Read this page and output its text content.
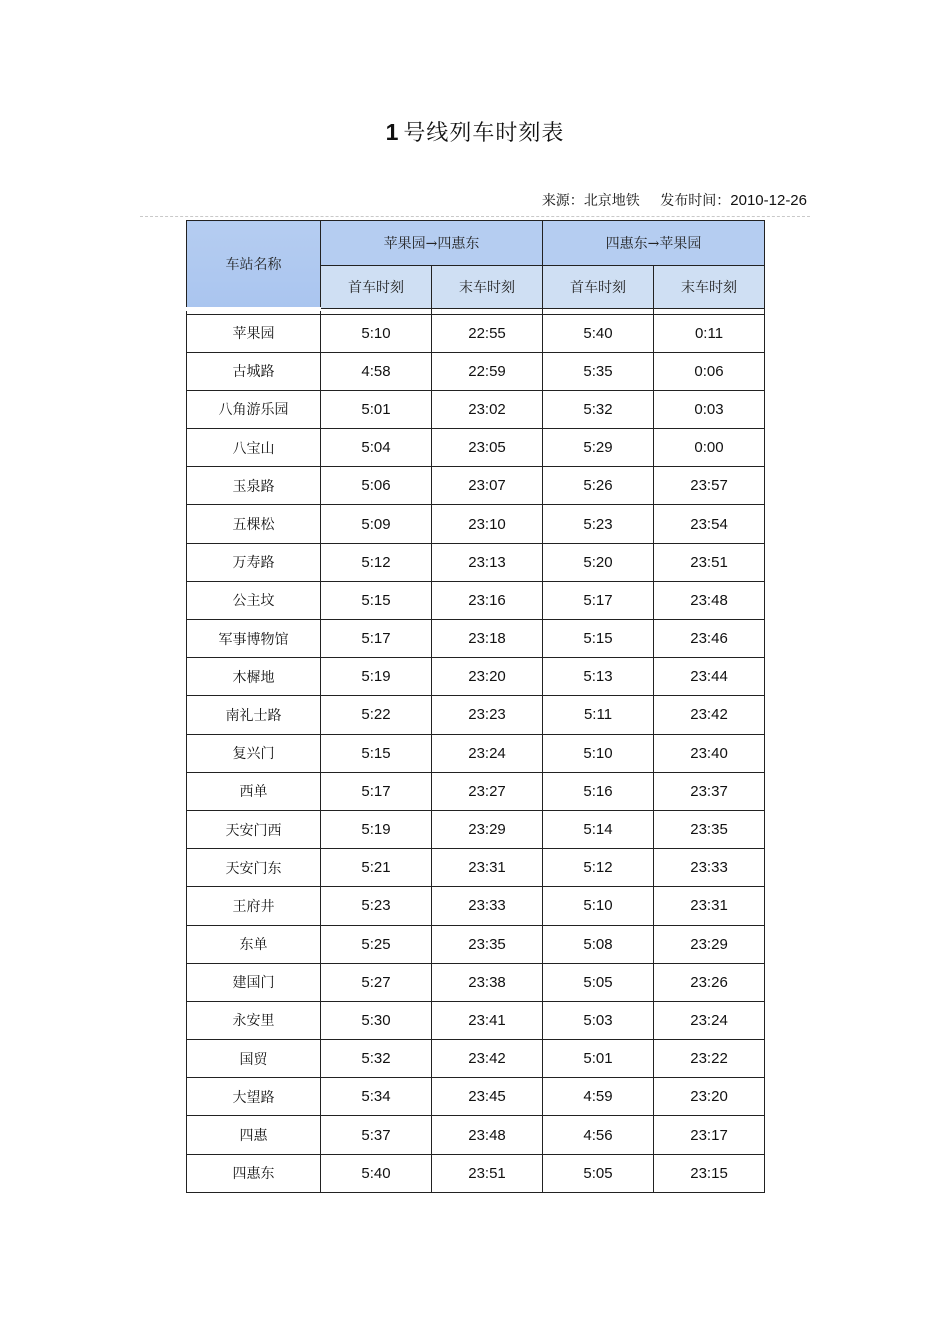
1 号线列车时刻表
来源：北京地铁 发布时间：2010-12-26
车站名称	苹果园→四惠东		四惠东→苹果园	
	首车时刻	末车时刻	首车时刻	末车时刻

苹果园	5:10	22:55	5:40	0:11
古城路	4:58	22:59	5:35	0:06
八角游乐园	5:01	23:02	5:32	0:03
八宝山	5:04	23:05	5:29	0:00
玉泉路	5:06	23:07	5:26	23:57
五棵松	5:09	23:10	5:23	23:54
万寿路	5:12	23:13	5:20	23:51
公主坟	5:15	23:16	5:17	23:48
军事博物馆	5:17	23:18	5:15	23:46
木樨地	5:19	23:20	5:13	23:44
南礼士路	5:22	23:23	5:11	23:42
复兴门	5:15	23:24	5:10	23:40
西单	5:17	23:27	5:16	23:37
天安门西	5:19	23:29	5:14	23:35
天安门东	5:21	23:31	5:12	23:33
王府井	5:23	23:33	5:10	23:31
东单	5:25	23:35	5:08	23:29
建国门	5:27	23:38	5:05	23:26
永安里	5:30	23:41	5:03	23:24
国贸	5:32	23:42	5:01	23:22
大望路	5:34	23:45	4:59	23:20
四惠	5:37	23:48	4:56	23:17
四惠东	5:40	23:51	5:05	23:15
